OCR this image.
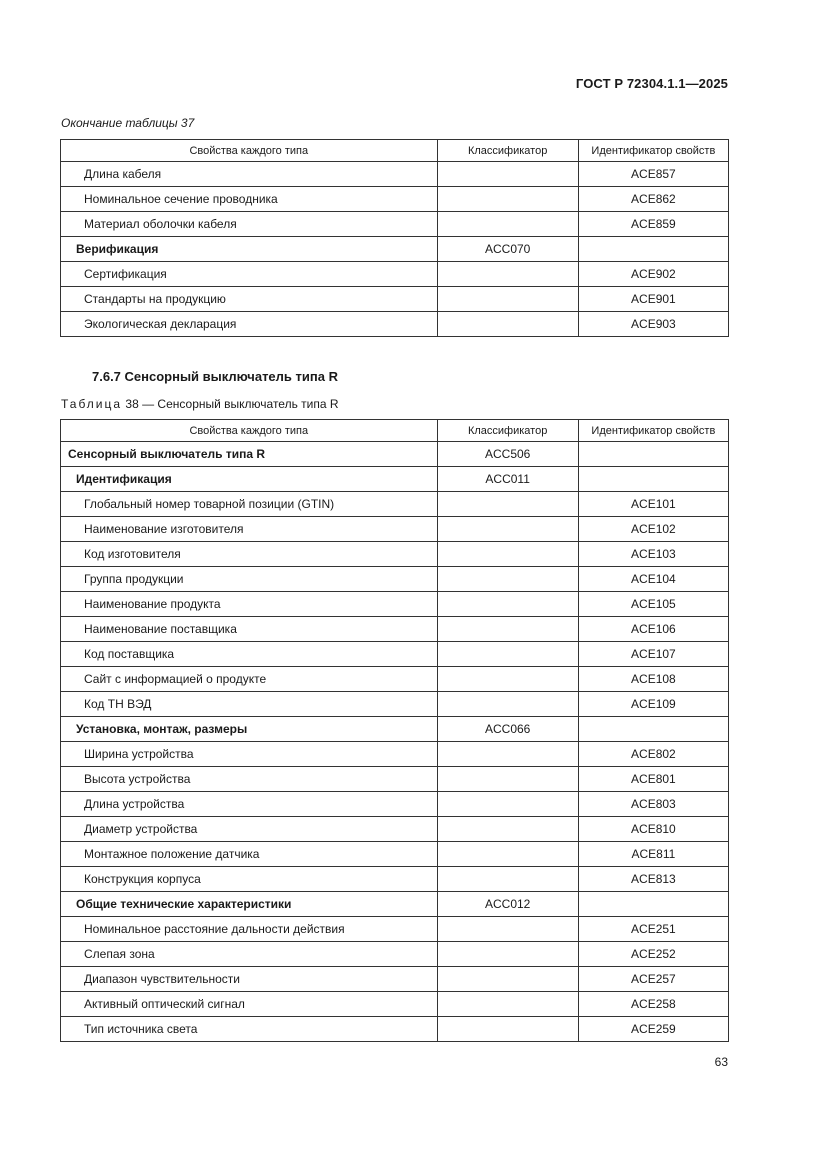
ГОСТ Р 72304.1.1—2025
Окончание таблицы 37
Свойства каждого типа	Классификатор	Идентификатор свойств
Длина кабеля		ACE857
Номинальное сечение проводника		ACE862
Материал оболочки кабеля		ACE859
Верификация	ACC070	
Сертификация		ACE902
Стандарты на продукцию		ACE901
Экологическая декларация		ACE903
7.6.7 Сенсорный выключатель типа R
Таблица 38 — Сенсорный выключатель типа R
Свойства каждого типа	Классификатор	Идентификатор свойств
Сенсорный выключатель типа R	ACC506	
Идентификация	ACC011	
Глобальный номер товарной позиции (GTIN)		ACE101
Наименование изготовителя		ACE102
Код изготовителя		ACE103
Группа продукции		ACE104
Наименование продукта		ACE105
Наименование поставщика		ACE106
Код поставщика		ACE107
Сайт с информацией о продукте		ACE108
Код ТН ВЭД		ACE109
Установка, монтаж, размеры	ACC066	
Ширина устройства		ACE802
Высота устройства		ACE801
Длина устройства		ACE803
Диаметр устройства		ACE810
Монтажное положение датчика		ACE811
Конструкция корпуса		ACE813
Общие технические характеристики	ACC012	
Номинальное расстояние дальности действия		ACE251
Слепая зона		ACE252
Диапазон чувствительности		ACE257
Активный оптический сигнал		ACE258
Тип источника света		ACE259
63
